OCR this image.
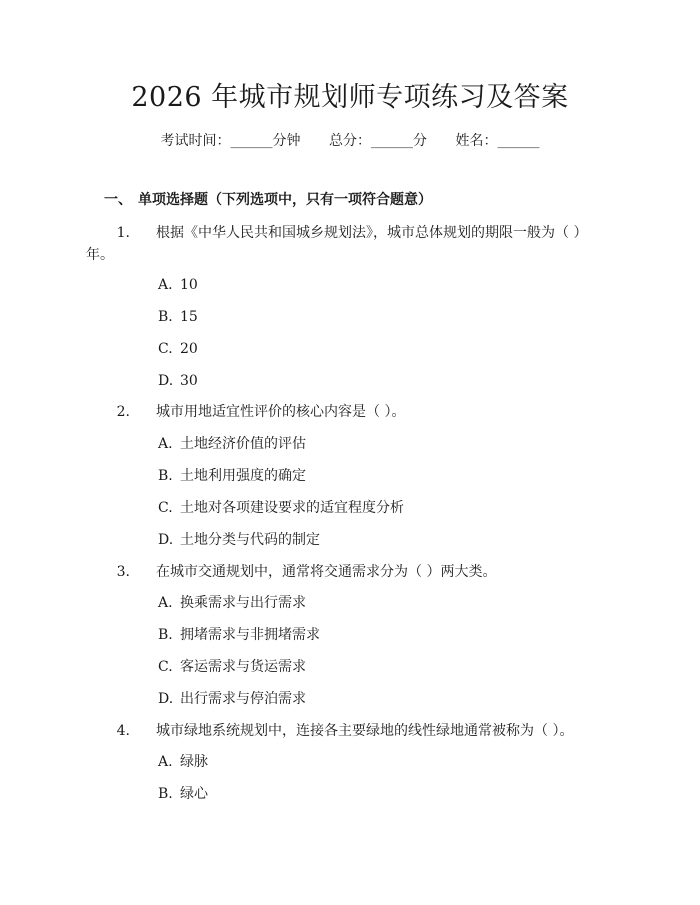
2026 年城市规划师专项练习及答案
考试时间：______分钟 总分：______分 姓名：______
一、 单项选择题（下列选项中，只有一项符合题意）
1. 根据《中华人民共和国城乡规划法》，城市总体规划的期限一般为（ ）
年。
A. 10
B. 15
C. 20
D. 30
2. 城市用地适宜性评价的核心内容是（ ）。
A. 土地经济价值的评估
B. 土地利用强度的确定
C. 土地对各项建设要求的适宜程度分析
D. 土地分类与代码的制定
3. 在城市交通规划中，通常将交通需求分为（ ）两大类。
A. 换乘需求与出行需求
B. 拥堵需求与非拥堵需求
C. 客运需求与货运需求
D. 出行需求与停泊需求
4. 城市绿地系统规划中，连接各主要绿地的线性绿地通常被称为（ ）。
A. 绿脉
B. 绿心
